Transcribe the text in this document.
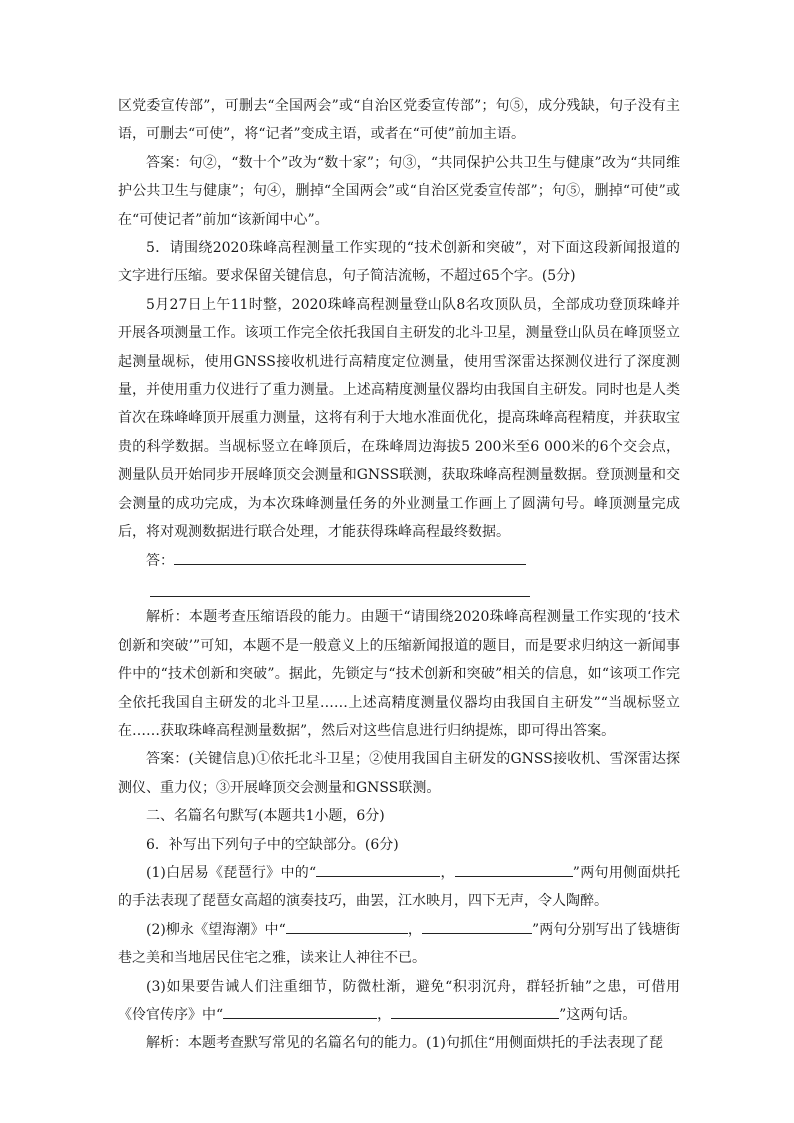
区党委宣传部”，可删去“全国两会”或“自治区党委宣传部”；句⑤，成分残缺，句子没有主语，可删去“可使”，将“记者”变成主语，或者在“可使”前加主语。

答案：句②，“数十个”改为“数十家”；句③，“共同保护公共卫生与健康”改为“共同维护公共卫生与健康”；句④，删掉“全国两会”或“自治区党委宣传部”；句⑤，删掉“可使”或在“可使记者”前加“该新闻中心”。

5．请围绕2020珠峰高程测量工作实现的“技术创新和突破”，对下面这段新闻报道的文字进行压缩。要求保留关键信息，句子简洁流畅，不超过65个字。(5分)

5月27日上午11时整，2020珠峰高程测量登山队8名攻顶队员，全部成功登顶珠峰并开展各项测量工作。该项工作完全依托我国自主研发的北斗卫星，测量登山队员在峰顶竖立起测量觇标，使用GNSS接收机进行高精度定位测量，使用雪深雷达探测仪进行了深度测量，并使用重力仪进行了重力测量。上述高精度测量仪器均由我国自主研发。同时也是人类首次在珠峰峰顶开展重力测量，这将有利于大地水准面优化，提高珠峰高程精度，并获取宝贵的科学数据。当觇标竖立在峰顶后，在珠峰周边海拔5 200米至6 000米的6个交会点，测量队员开始同步开展峰顶交会测量和GNSS联测，获取珠峰高程测量数据。登顶测量和交会测量的成功完成，为本次珠峰测量任务的外业测量工作画上了圆满句号。峰顶测量完成后，将对观测数据进行联合处理，才能获得珠峰高程最终数据。

答：

解析：本题考查压缩语段的能力。由题干“请围绕2020珠峰高程测量工作实现的‘技术创新和突破’”可知，本题不是一般意义上的压缩新闻报道的题目，而是要求归纳这一新闻事件中的“技术创新和突破”。据此，先锁定与“技术创新和突破”相关的信息，如“该项工作完全依托我国自主研发的北斗卫星……上述高精度测量仪器均由我国自主研发”“当觇标竖立在……获取珠峰高程测量数据”，然后对这些信息进行归纳提炼，即可得出答案。

答案：(关键信息)①依托北斗卫星；②使用我国自主研发的GNSS接收机、雪深雷达探测仪、重力仪；③开展峰顶交会测量和GNSS联测。

二、名篇名句默写(本题共1小题，6分)

6．补写出下列句子中的空缺部分。(6分)

(1)白居易《琵琶行》中的“	，	”两句用侧面烘托的手法表现了琵琶女高超的演奏技巧，曲罢，江水映月，四下无声，令人陶醉。

(2)柳永《望海潮》中“	，	”两句分别写出了钱塘街巷之美和当地居民住宅之雅，读来让人神往不已。

(3)如果要告诫人们注重细节，防微杜渐，避免“积羽沉舟，群轻折轴”之患，可借用《伶官传序》中“	，	”这两句话。

解析：本题考查默写常见的名篇名句的能力。(1)句抓住“用侧面烘托的手法表现了琵
